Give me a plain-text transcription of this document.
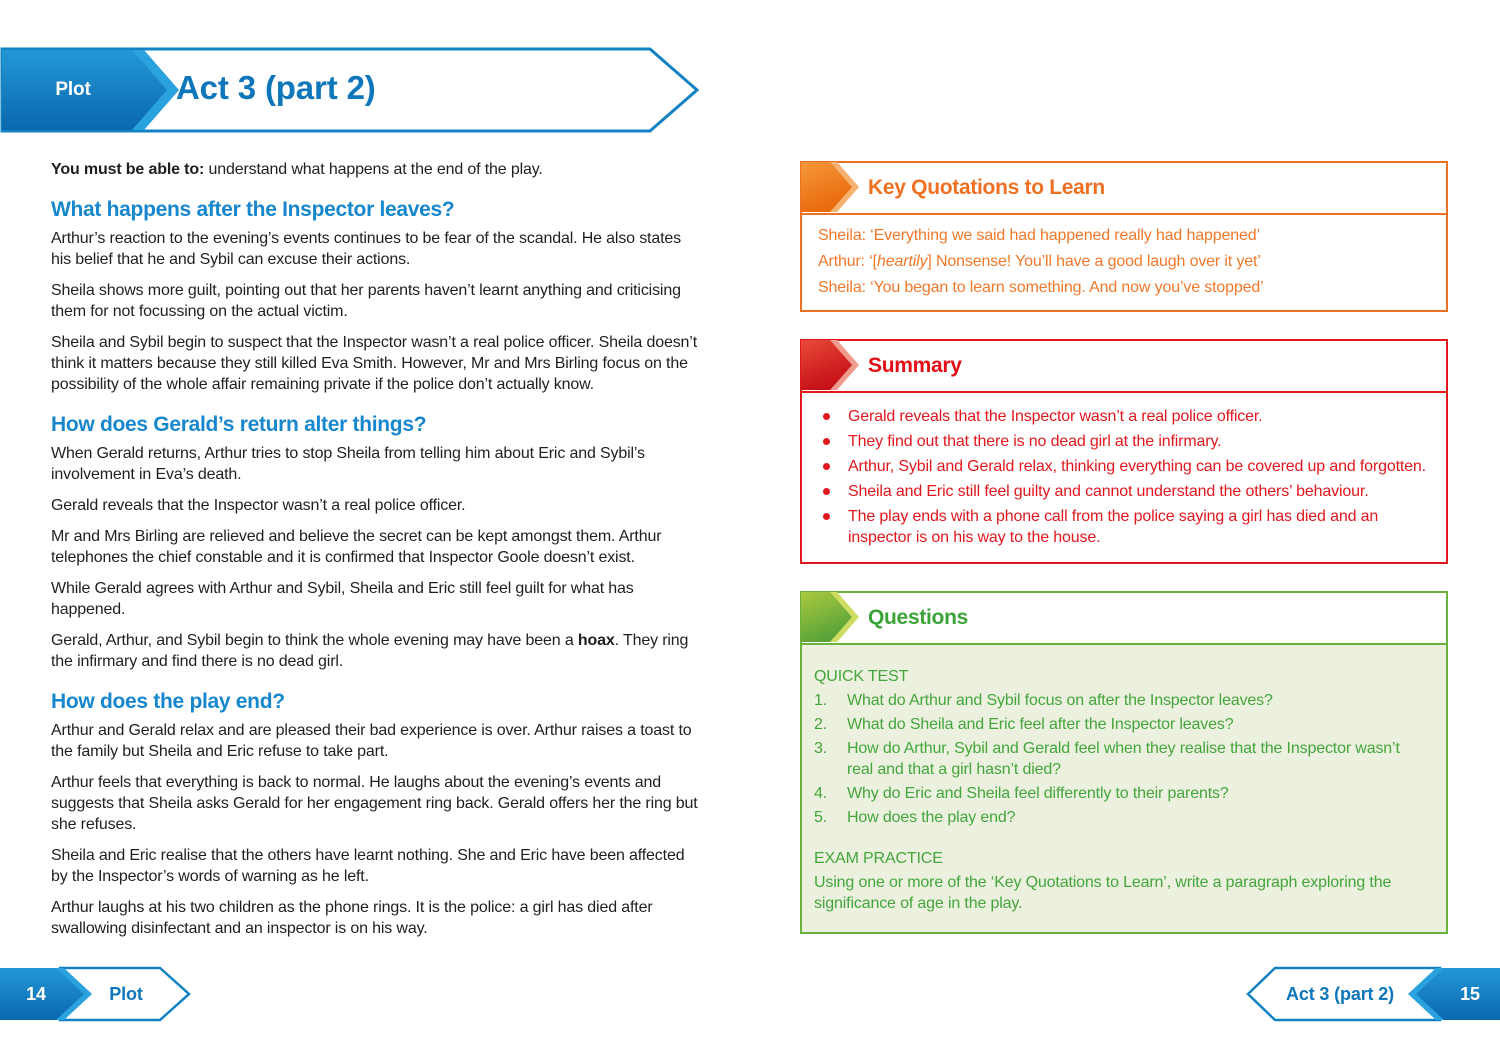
Plot	Act 3 (part 2)

You must be able to: understand what happens at the end of the play.

What happens after the Inspector leaves?

Arthur’s reaction to the evening’s events continues to be fear of the scandal. He also states his belief that he and Sybil can excuse their actions.

Sheila shows more guilt, pointing out that her parents haven’t learnt anything and criticising them for not focussing on the actual victim.

Sheila and Sybil begin to suspect that the Inspector wasn’t a real police officer. Sheila doesn’t think it matters because they still killed Eva Smith. However, Mr and Mrs Birling focus on the possibility of the whole affair remaining private if the police don’t actually know.

How does Gerald’s return alter things?

When Gerald returns, Arthur tries to stop Sheila from telling him about Eric and Sybil’s involvement in Eva’s death.

Gerald reveals that the Inspector wasn’t a real police officer.

Mr and Mrs Birling are relieved and believe the secret can be kept amongst them. Arthur telephones the chief constable and it is confirmed that Inspector Goole doesn’t exist.

While Gerald agrees with Arthur and Sybil, Sheila and Eric still feel guilt for what has happened.

Gerald, Arthur, and Sybil begin to think the whole evening may have been a hoax. They ring the infirmary and find there is no dead girl.

How does the play end?

Arthur and Gerald relax and are pleased their bad experience is over. Arthur raises a toast to the family but Sheila and Eric refuse to take part.

Arthur feels that everything is back to normal. He laughs about the evening’s events and suggests that Sheila asks Gerald for her engagement ring back. Gerald offers her the ring but she refuses.

Sheila and Eric realise that the others have learnt nothing. She and Eric have been affected by the Inspector’s words of warning as he left.

Arthur laughs at his two children as the phone rings. It is the police: a girl has died after swallowing disinfectant and an inspector is on his way.

Key Quotations to Learn

Sheila: ‘Everything we said had happened really had happened’

Arthur: ‘[heartily] Nonsense! You’ll have a good laugh over it yet’

Sheila: ‘You began to learn something. And now you’ve stopped’

Summary
Gerald reveals that the Inspector wasn’t a real police officer.
They find out that there is no dead girl at the infirmary.
Arthur, Sybil and Gerald relax, thinking everything can be covered up and forgotten.
Sheila and Eric still feel guilty and cannot understand the others’ behaviour.
The play ends with a phone call from the police saying a girl has died and an inspector is on his way to the house.
Questions

QUICK TEST

1.	What do Arthur and Sybil focus on after the Inspector leaves?
2.	What do Sheila and Eric feel after the Inspector leaves?
3.	How do Arthur, Sybil and Gerald feel when they realise that the Inspector wasn’t real and that a girl hasn’t died?
4.	Why do Eric and Sheila feel differently to their parents?
5.	How does the play end?

EXAM PRACTICE

Using one or more of the ‘Key Quotations to Learn’, write a paragraph exploring the significance of age in the play.

14	Plot	Act 3 (part 2)	15
